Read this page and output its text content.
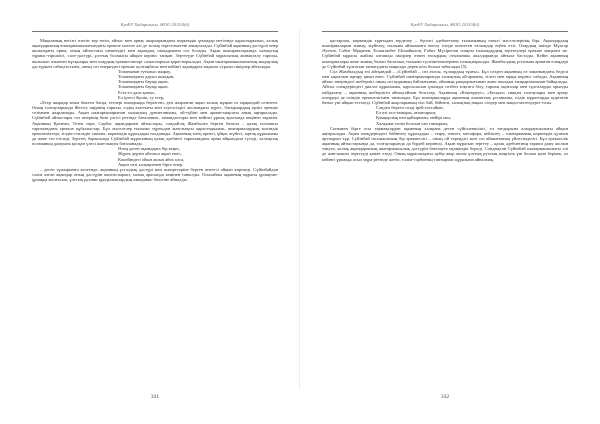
ҚазҰУ Хабаршысы. ЖОО 2015/4(б)

Мақаланың негізгі өзегін төр тегін, айтыс мен арнау жырларындағы көркемдік ұғымдар негізінде қарастырылып, халық ақындарының шығармашылығындағы ерекше мәселе әлі де толық зерттелмегені анықталады. Сүйінбай ақынның дәстүрлі өнер жолындағы орны, оның айтыстағы шешендігі мен ақындық тапқырлығы сөз болады. Ақын шығармаларында халықтың тұрмыс-тіршілігі, салт-дәстүрі, ұлттық болмысы айқын көрініс тапқан. Зерттеуде Сүйінбай мұрасының жинақталу тарихы, жазылып алынған нұсқалары мен олардың ерекшеліктері салыстырыла қарастырылады. Ақын шығармашылығының жыраулық дәстүрмен сабақтастығы, оның сөз өнеріндегі ерекше қолтаңбасы мен кейінгі ақындарға ықпалы туралы пікірлер айтылады.

Топанынан туғызып жырау,

Топанындағы дауыл шыққан,

Топанындағы бауыр ақын,

Топанындағы бауыр ақын,

Егіл-ел дала қоныс,

Ел іргесі бірлік, ту етер,

«Егер шырқар ағым биктеп басқа, егелері шындыққа берілген» деп жырлаған ақын халық мұңын өз мұңындай сезінген. Оның толғауларында Жетісу өңірінің тарихы, елдің азаттығы мен тәуелсіздігі жолындағы күрес, батырлардың ерлігі ерекше сезіммен жырланады. Ақын шығармаларынан халықтың дүниетанымы, ой-түйіні мен арман-мақсаты анық аңғарылады. Сүйінбай айтыстары сөз өнерінің биік үлгісі ретінде бағаланып, замандастары мен кейінгі ұрпақ арасында кеңінен тараған. Ақынның Қатаған, Тезек төре, Сарбас ақындармен айтыстары, сондай-ақ Жамбылға берген батасы – қазақ поэзиясы тарихындағы ерекше құбылыстар. Бұл мәселелер ғылыми тұрғыдан жан-жақты қарастырылып, шығармалардың мәтіндік ерекшеліктері, тілдік-стильдік сипаты, көркемдік құралдары талданады. Ақынның өлең өрнегі, ұйқас жүйесі, ырғақ құрылымы да жеке сөз етіледі. Зерттеу барысында Сүйінбай мұрасының қазақ әдебиеті тарихындағы орны айқындала түседі, халықтық поэзияның дамуына қосқан үлесі жан-жақты бағаланады.

Өлең деген ақындарға бір кеңес,

Жүрек дертін айтпаса ақын емес,

Көкейіндегі ойын ашып айта алса,

Ақын сөзі халықпенен бірге өнер.

– деген тұжырымға келгенде, ақынның ұстаздық дәстүрі мен шәкірттеріне берген өнегесі айқын көрінеді. Сүйінбайдан тәлім алған ақындар оның дәстүрін жалғастырып, халық арасында кеңінен танылды. Осылайша ақынның мұрасы ұрпақтан-ұрпаққа жалғасып, ұлттық рухани құндылықтардың ажырамас бөлігіне айналды.

331
ҚазҰУ Хабаршысы. ЖОО 2015/4(б)

қастарлап, көркемдік тұрғыдан зерделеу – бүгінгі әдебиеттану ғылымының өзекті мәселелерінің бірі. Ақындардың шығармаларын жинау, жүйелеу, ғылыми айналымға енгізу ісінде көптеген ғалымдар еңбек етті. Олардың ішінде Мұхтар Әуезов, Сәбит Мұқанов, Есмағамбет Ысмайылов, Ғабит Мүсірепов сияқты ғалымдардың зерттеулері ерекше маңызға ие. Сүйінбай мұрасы жайлы алғашқы пікірлер өткен ғасырдың отызыншы жылдарында айтыла бастады. Кейін ақынның шығармалары жеке жинақ болып басылып, ғылыми түсініктемелермен толықтырылды. Жамбылдың ұстазына арнаған өлеңдері де Сүйінбай тұлғасын танытудағы маңызды дерек көзі болып табылады [5].

Сол Жамбылдың өзі айтқандай – «Сүйінбай – сөз атасы, тұлпардың тұяғы». Бұл сөзден ақынның өз заманындағы беделі мен ықпалын аңғару қиын емес. Сүйінбай шығармаларында халықтың ой-арманы, тілегі мен мұңы көрініс табады. Ақынның айтыс өнеріндегі шеберлігі оның сөз қорының байлығынан, ойының ұшқырлығынан және жылдам тапқырлығынан байқалады. Айтыс өлеңдеріндегі диалог құрылымы, қарсыласын ұтымды сөзбен тоқтата білу, тарихи оқиғалар мен тұлғаларды орынды пайдалану – ақынның шеберлігін айғақтайтын белгілер. Ақынның «Көкемдеуі», «Бесқыз» сияқты толғаулары мен арнау өлеңдері де өзіндік ерекшелігімен танылады. Бұл шығармаларда ақынның азаматтық ұстанымы, елдік мұраттарды қорғаған батыл үні айқын естіледі. Сүйінбай жырларының тілі бай, бейнелі, халықтық нақыл сөздер мен мақал-мәтелдерге толы.

Сәндеп бергеп сөзді ірей тастайын,

Ел өзі тал-тамыры, ағаштарым,

Қамқорлық пен қайырымы, мейірі мол,

Халқыма сөзім болсын сан тамырым,

Сонымен бірге осы тармақтардан ақынның халқына деген сүйіспеншілігі, ел тағдырына алаңдаушылығы айқын аңғарылады. Ақын өлеңдеріндегі бейнелеу құралдары – теңеу, эпитет, метафора, кейіптеу – шығарманың көркемдік қуатын арттырып тұр. Сүйінбай поэзиясының бір ерекшелігі – оның ой тереңдігі мен сөз айшығының үйлесімділігі. Бұл ерекшелік ақынның айтыстарында да, толғауларында да бірдей көрінеді. Ақын мұрасын зерттеу – қазақ әдебиетінің тарихи даму жолын тануға, халық ақындарының шығармашылық дәстүрін бағалауға мүмкіндік береді. Сондықтан Сүйінбай шығармашылығы әлі де жан-жақты зерттеуді қажет етеді. Оның мұрасындағы әрбір жыр жолы ұлттық рухтың мәңгілік үні болып қала бермек, ал кейінгі ұрпаққа асыл мұра ретінде жетіп, тәлім-тәрбиенің таптырмас құралына айналмақ.

332
